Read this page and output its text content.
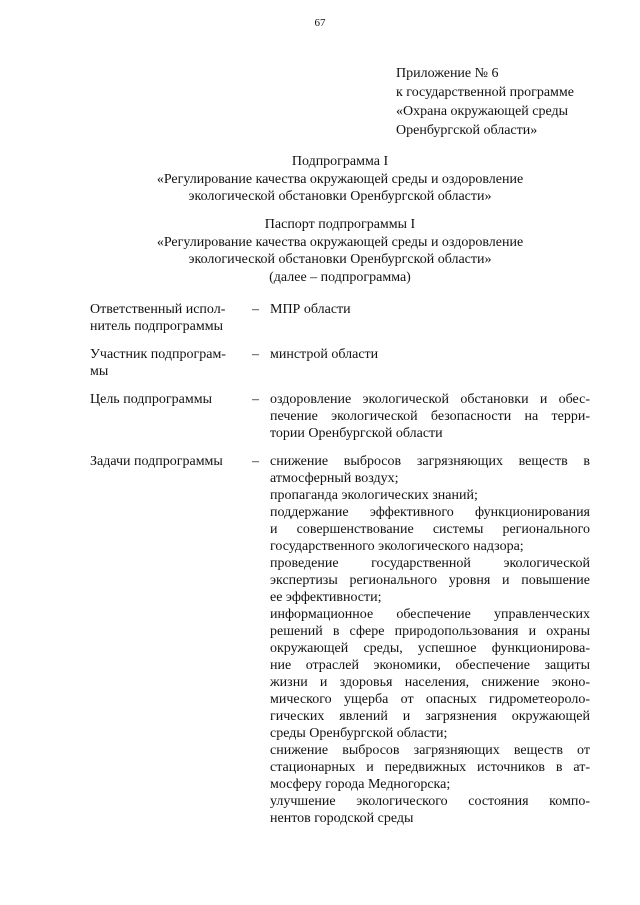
67
Приложение № 6
к государственной программе
«Охрана окружающей среды
Оренбургской области»
Подпрограмма I
«Регулирование качества окружающей среды и оздоровление
экологической обстановки Оренбургской области»
Паспорт подпрограммы I
«Регулирование качества окружающей среды и оздоровление
экологической обстановки Оренбургской области»
(далее – подпрограмма)
Ответственный испол-
нитель подпрограммы
– МПР области
Участник подпрограм-
мы
– минстрой области
Цель подпрограммы	– оздоровление экологической обстановки и обес-
печение экологической безопасности на терри-
тории Оренбургской области
Задачи подпрограммы	– снижение выбросов загрязняющих веществ в
атмосферный воздух;
пропаганда экологических знаний;
поддержание эффективного функционирования
и совершенствование системы регионального
государственного экологического надзора;
проведение государственной экологической
экспертизы регионального уровня и повышение
ее эффективности;
информационное обеспечение управленческих
решений в сфере природопользования и охраны
окружающей среды, успешное функционирова-
ние отраслей экономики, обеспечение защиты
жизни и здоровья населения, снижение эконо-
мического ущерба от опасных гидрометеороло-
гических явлений и загрязнения окружающей
среды Оренбургской области;
снижение выбросов загрязняющих веществ от
стационарных и передвижных источников в ат-
мосферу города Медногорска;
улучшение экологического состояния компо-
нентов городской среды
